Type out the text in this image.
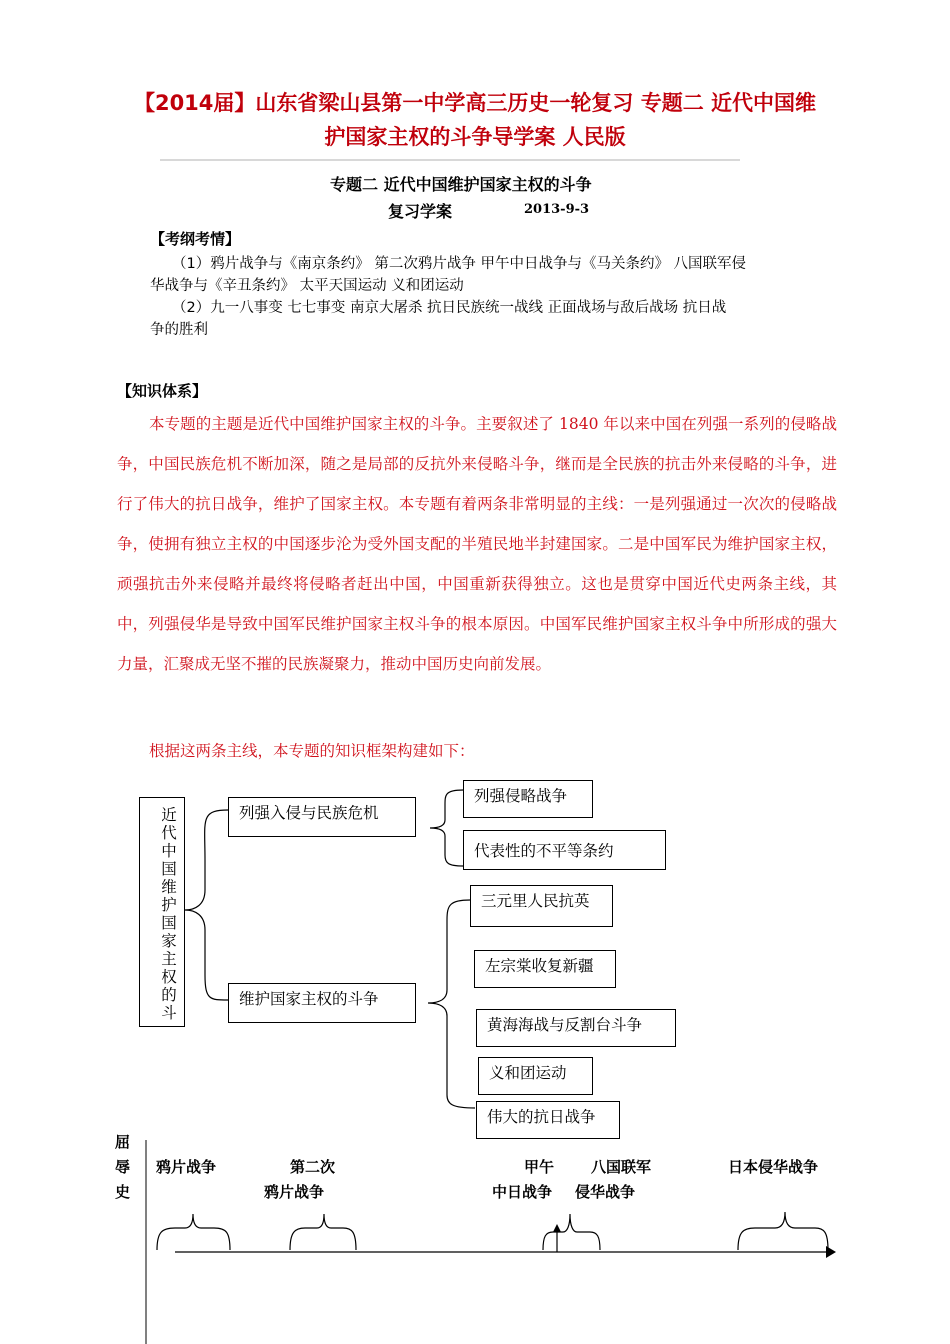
【2014届】山东省梁山县第一中学高三历史一轮复习 专题二 近代中国维
护国家主权的斗争导学案 人民版
专题二 近代中国维护国家主权的斗争
复习学案	2013-9-3
【考纲考情】
（1）鸦片战争与《南京条约》 第二次鸦片战争 甲午中日战争与《马关条约》 八国联军侵
华战争与《辛丑条约》 太平天国运动 义和团运动
（2）九一八事变 七七事变 南京大屠杀 抗日民族统一战线 正面战场与敌后战场 抗日战
争的胜利
【知识体系】
本专题的主题是近代中国维护国家主权的斗争。主要叙述了 1840 年以来中国在列强一系列的侵略战争，中国民族危机不断加深，随之是局部的反抗外来侵略斗争，继而是全民族的抗击外来侵略的斗争，进行了伟大的抗日战争，维护了国家主权。本专题有着两条非常明显的主线：一是列强通过一次次的侵略战争，使拥有独立主权的中国逐步沦为受外国支配的半殖民地半封建国家。二是中国军民为维护国家主权，顽强抗击外来侵略并最终将侵略者赶出中国，中国重新获得独立。这也是贯穿中国近代史两条主线，其中，列强侵华是导致中国军民维护国家主权斗争的根本原因。中国军民维护国家主权斗争中所形成的强大力量，汇聚成无坚不摧的民族凝聚力，推动中国历史向前发展。
根据这两条主线，本专题的知识框架构建如下：
近
代
中
国
维
护
国
家
主
权
的
斗
列强入侵与民族危机
维护国家主权的斗争
列强侵略战争
代表性的不平等条约
三元里人民抗英
左宗棠收复新疆
黄海海战与反割台斗争
义和团运动
伟大的抗日战争
屈
辱
史
鸦片战争	第二次
鸦片战争
甲午
中日战争
八国联军
侵华战争
日本侵华战争
